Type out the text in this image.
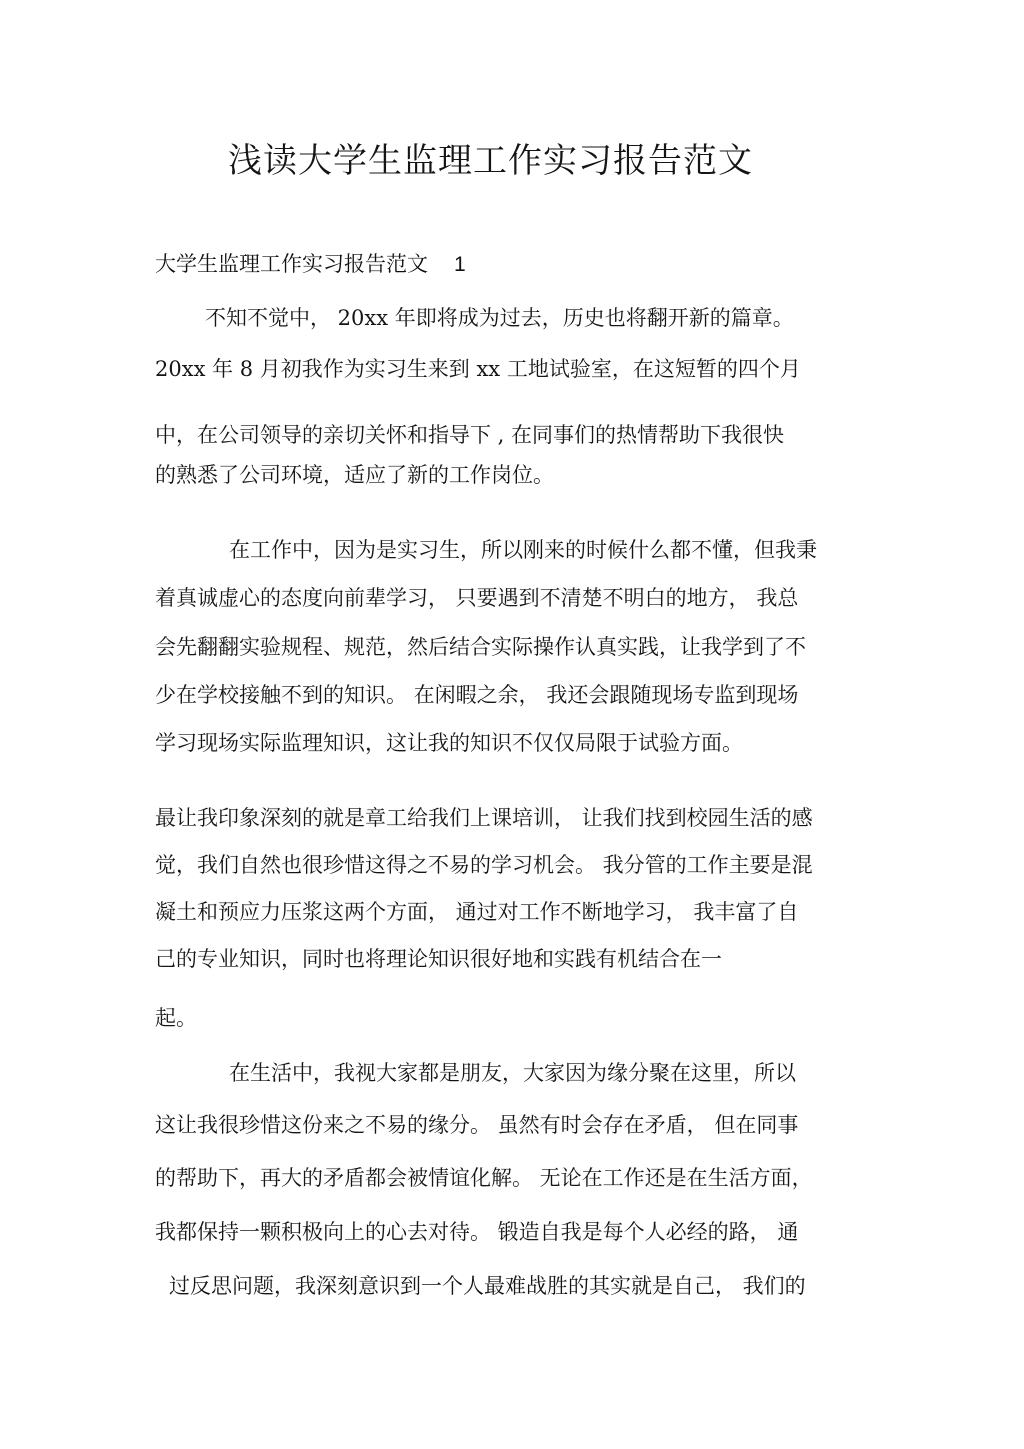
浅读大学生监理工作实习报告范文
大学生监理工作实习报告范文 1
不知不觉中， 20xx 年即将成为过去，历史也将翻开新的篇章。
20xx 年 8 月初我作为实习生来到 xx 工地试验室，在这短暂的四个月
中，在公司领导的亲切关怀和指导下 , 在同事们的热情帮助下我很快
的熟悉了公司环境，适应了新的工作岗位。
在工作中，因为是实习生，所以刚来的时候什么都不懂，但我秉
着真诚虚心的态度向前辈学习， 只要遇到不清楚不明白的地方， 我总
会先翻翻实验规程、规范，然后结合实际操作认真实践，让我学到了不
少在学校接触不到的知识。 在闲暇之余， 我还会跟随现场专监到现场
学习现场实际监理知识，这让我的知识不仅仅局限于试验方面。
最让我印象深刻的就是章工给我们上课培训， 让我们找到校园生活的感
觉，我们自然也很珍惜这得之不易的学习机会。 我分管的工作主要是混
凝土和预应力压浆这两个方面， 通过对工作不断地学习， 我丰富了自
己的专业知识，同时也将理论知识很好地和实践有机结合在一
起。
在生活中，我视大家都是朋友，大家因为缘分聚在这里，所以
这让我很珍惜这份来之不易的缘分。 虽然有时会存在矛盾， 但在同事
的帮助下，再大的矛盾都会被情谊化解。 无论在工作还是在生活方面，
我都保持一颗积极向上的心去对待。 锻造自我是每个人必经的路， 通
过反思问题，我深刻意识到一个人最难战胜的其实就是自己， 我们的
